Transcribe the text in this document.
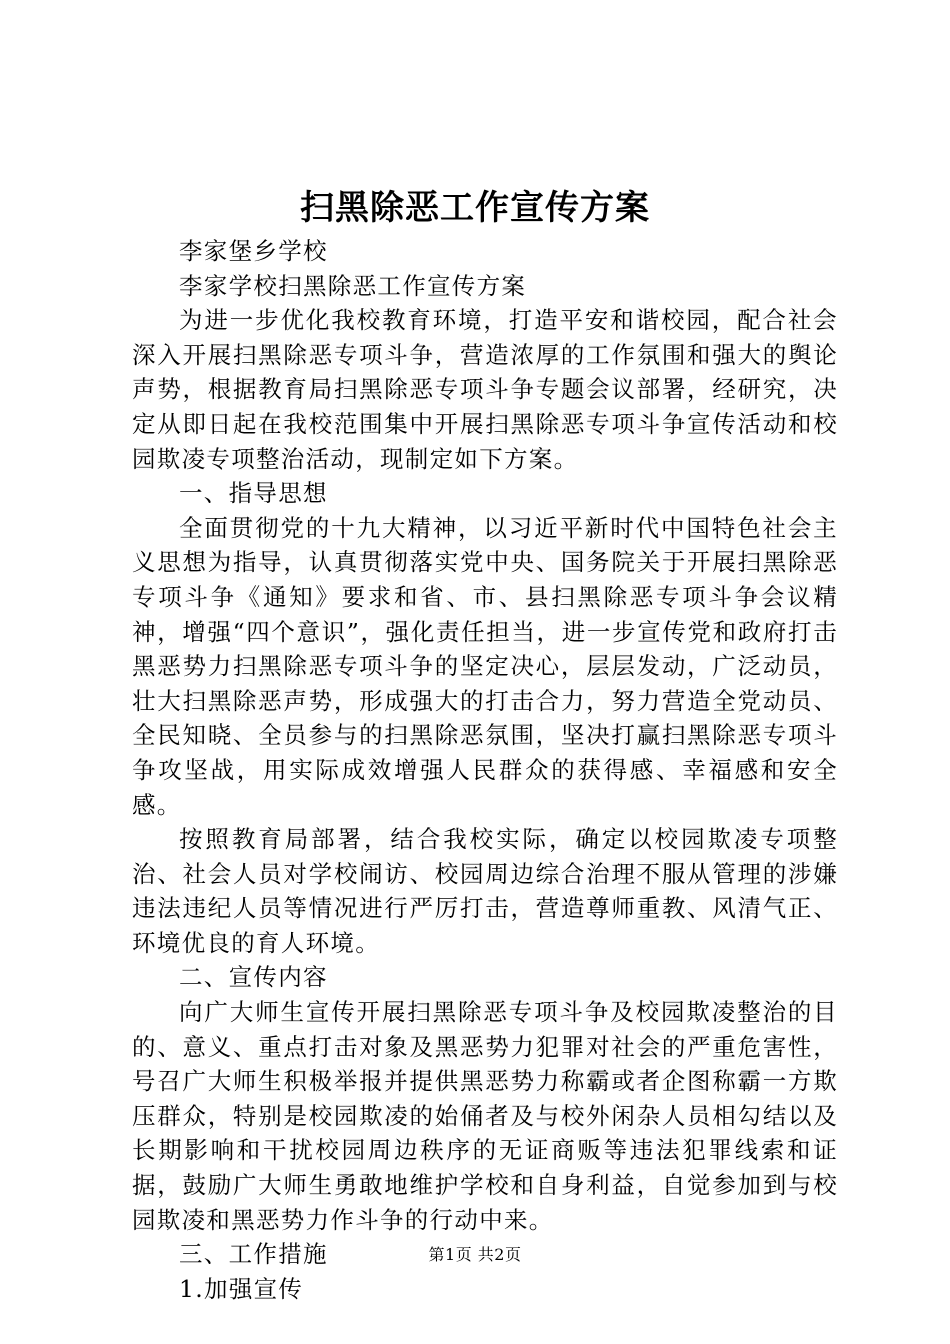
扫黑除恶工作宣传方案

李家堡乡学校

李家学校扫黑除恶工作宣传方案

为进一步优化我校教育环境，打造平安和谐校园，配合社会深入开展扫黑除恶专项斗争，营造浓厚的工作氛围和强大的舆论声势，根据教育局扫黑除恶专项斗争专题会议部署，经研究，决定从即日起在我校范围集中开展扫黑除恶专项斗争宣传活动和校园欺凌专项整治活动，现制定如下方案。

一、指导思想

全面贯彻党的十九大精神，以习近平新时代中国特色社会主义思想为指导，认真贯彻落实党中央、国务院关于开展扫黑除恶专项斗争《通知》要求和省、市、县扫黑除恶专项斗争会议精神，增强“四个意识”，强化责任担当，进一步宣传党和政府打击黑恶势力扫黑除恶专项斗争的坚定决心，层层发动，广泛动员，壮大扫黑除恶声势，形成强大的打击合力，努力营造全党动员、全民知晓、全员参与的扫黑除恶氛围，坚决打赢扫黑除恶专项斗争攻坚战，用实际成效增强人民群众的获得感、幸福感和安全感。

按照教育局部署，结合我校实际，确定以校园欺凌专项整治、社会人员对学校闹访、校园周边综合治理不服从管理的涉嫌违法违纪人员等情况进行严厉打击，营造尊师重教、风清气正、环境优良的育人环境。

二、宣传内容

向广大师生宣传开展扫黑除恶专项斗争及校园欺凌整治的目的、意义、重点打击对象及黑恶势力犯罪对社会的严重危害性，号召广大师生积极举报并提供黑恶势力称霸或者企图称霸一方欺压群众，特别是校园欺凌的始俑者及与校外闲杂人员相勾结以及长期影响和干扰校园周边秩序的无证商贩等违法犯罪线索和证据，鼓励广大师生勇敢地维护学校和自身利益，自觉参加到与校园欺凌和黑恶势力作斗争的行动中来。

三、工作措施

1.加强宣传

第1页 共2页
